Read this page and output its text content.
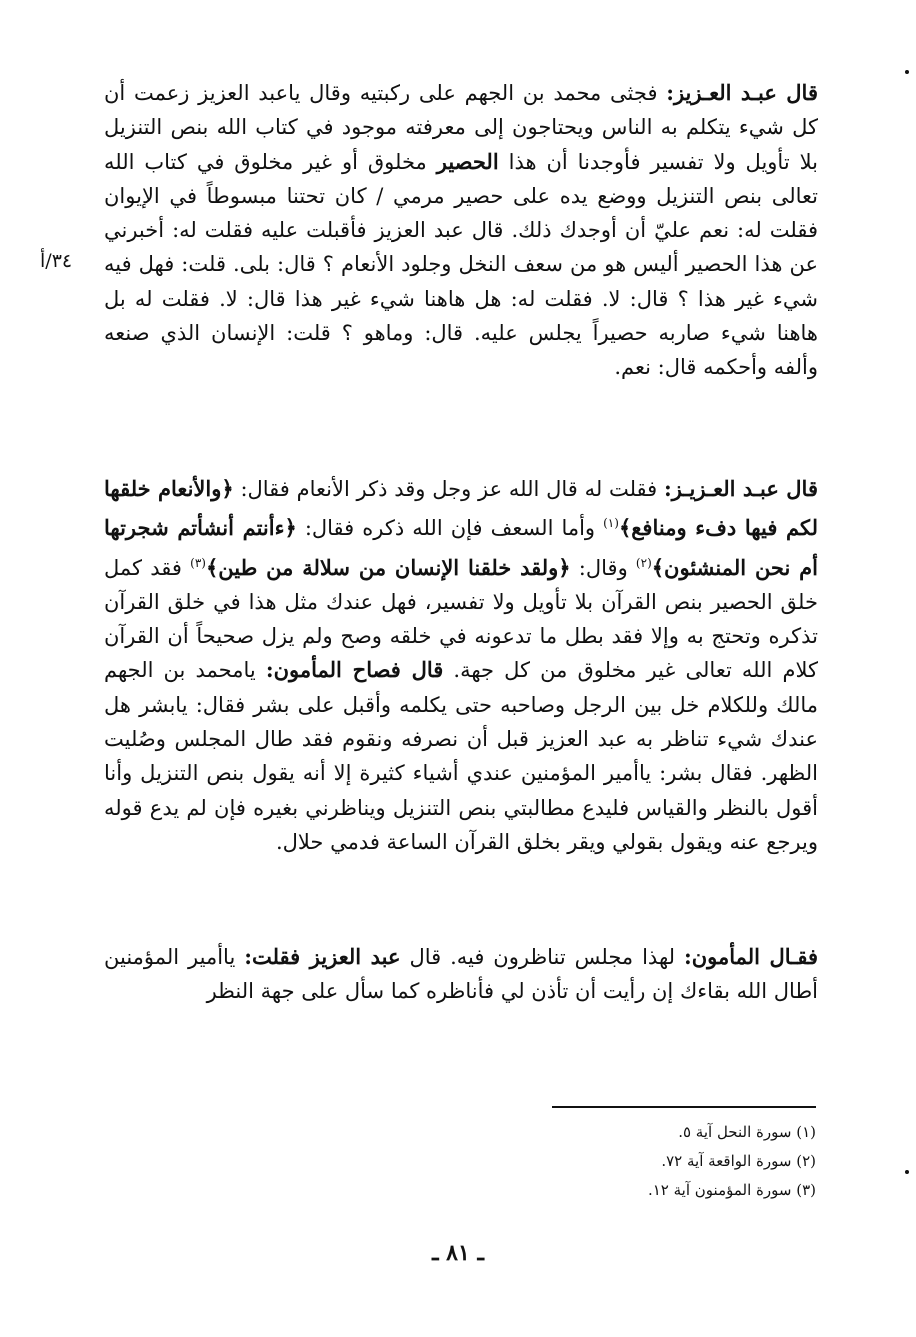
٣٤/أ

قال عبـد العـزيز: فجثى محمد بن الجهم على ركبتيه وقال ياعبد العزيز زعمت أن كل شيء يتكلم به الناس ويحتاجون إلى معرفته موجود في كتاب الله بنص التنزيل بلا تأويل ولا تفسير فأوجدنا أن هذا الحصير مخلوق أو غير مخلوق في كتاب الله تعالى بنص التنزيل ووضع يده على حصير مرمي / كان تحتنا مبسوطاً في الإيوان فقلت له: نعم عليّ أن أوجدك ذلك. قال عبد العزيز فأقبلت عليه فقلت له: أخبرني عن هذا الحصير أليس هو من سعف النخل وجلود الأنعام ؟ قال: بلى. قلت: فهل فيه شيء غير هذا ؟ قال: لا. فقلت له: هل هاهنا شيء غير هذا قال: لا. فقلت له بل هاهنا شيء صاربه حصيراً يجلس عليه. قال: وماهو ؟ قلت: الإنسان الذي صنعه وألفه وأحكمه قال: نعم.

قال عبـد العـزيـز: فقلت له قال الله عز وجل وقد ذكر الأنعام فقال: ﴿والأنعام خلقها لكم فيها دفء ومنافع﴾$^{(١)}$ وأما السعف فإن الله ذكره فقال: ﴿ءأنتم أنشأتم شجرتها أم نحن المنشئون﴾$^{(٢)}$ وقال: ﴿ولقد خلقنا الإنسان من سلالة من طين﴾$^{(٣)}$ فقد كمل خلق الحصير بنص القرآن بلا تأويل ولا تفسير، فهل عندك مثل هذا في خلق القرآن تذكره وتحتج به وإلا فقد بطل ما تدعونه في خلقه وصح ولم يزل صحيحاً أن القرآن كلام الله تعالى غير مخلوق من كل جهة. قال فصاح المأمون: يامحمد بن الجهم مالك وللكلام خل بين الرجل وصاحبه حتى يكلمه وأقبل على بشر فقال: يابشر هل عندك شيء تناظر به عبد العزيز قبل أن نصرفه ونقوم فقد طال المجلس وصُليت الظهر. فقال بشر: ياأمير المؤمنين عندي أشياء كثيرة إلا أنه يقول بنص التنزيل وأنا أقول بالنظر والقياس فليدع مطالبتي بنص التنزيل ويناظرني بغيره فإن لم يدع قوله ويرجع عنه ويقول بقولي ويقر بخلق القرآن الساعة فدمي حلال.

فقـال المأمون: لهذا مجلس تناظرون فيه. قال عبد العزيز فقلت: ياأمير المؤمنين أطال الله بقاءك إن رأيت أن تأذن لي فأناظره كما سأل على جهة النظر

(١) سورة النحل آية ٥.
(٢) سورة الواقعة آية ٧٢.
(٣) سورة المؤمنون آية ١٢.
ـ ٨١ ـ
